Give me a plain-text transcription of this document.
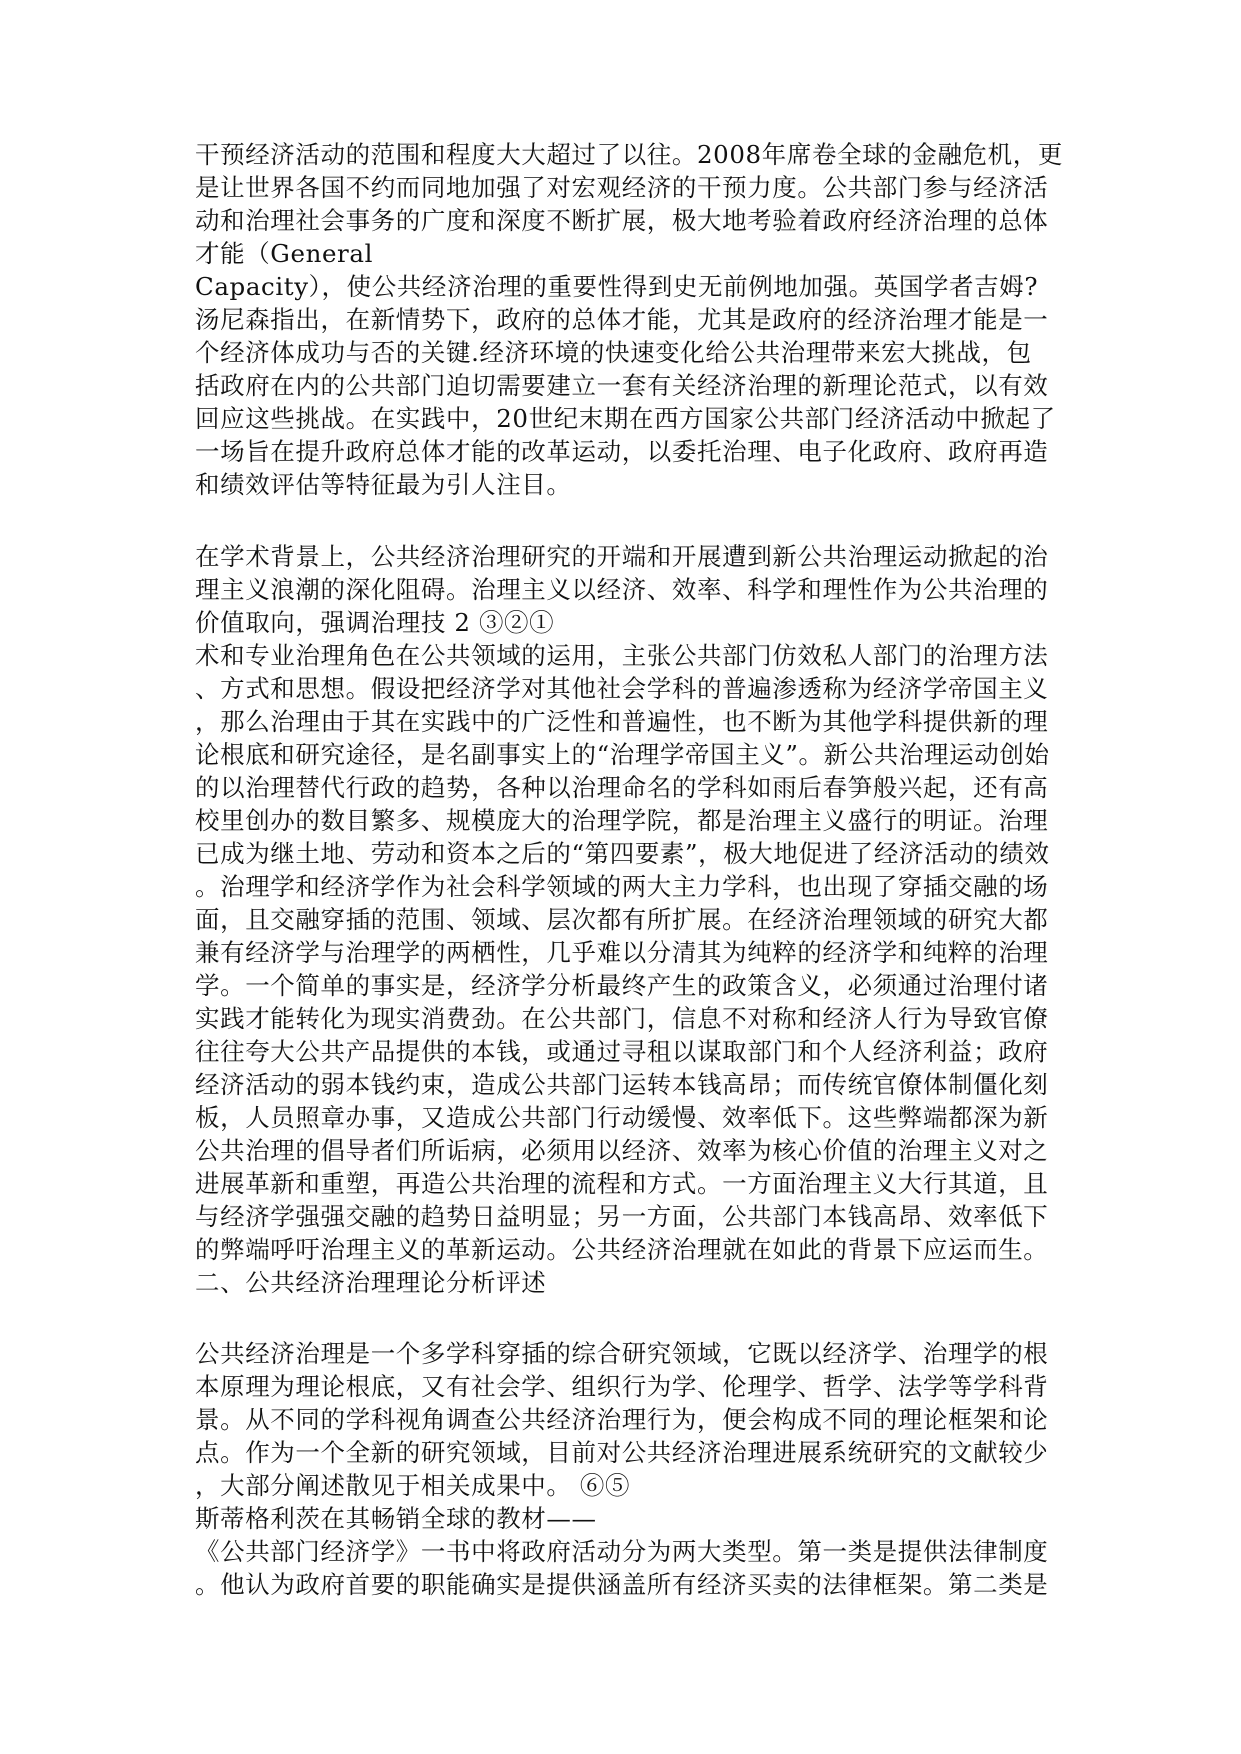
干预经济活动的范围和程度大大超过了以往。2008年席卷全球的金融危机，更
是让世界各国不约而同地加强了对宏观经济的干预力度。公共部门参与经济活
动和治理社会事务的广度和深度不断扩展，极大地考验着政府经济治理的总体
才能（General
Capacity），使公共经济治理的重要性得到史无前例地加强。英国学者吉姆?
汤尼森指出，在新情势下，政府的总体才能，尤其是政府的经济治理才能是一
个经济体成功与否的关键.经济环境的快速变化给公共治理带来宏大挑战，包
括政府在内的公共部门迫切需要建立一套有关经济治理的新理论范式，以有效
回应这些挑战。在实践中，20世纪末期在西方国家公共部门经济活动中掀起了
一场旨在提升政府总体才能的改革运动，以委托治理、电子化政府、政府再造
和绩效评估等特征最为引人注目。
在学术背景上，公共经济治理研究的开端和开展遭到新公共治理运动掀起的治
理主义浪潮的深化阻碍。治理主义以经济、效率、科学和理性作为公共治理的
价值取向，强调治理技 2 ③②①
术和专业治理角色在公共领域的运用，主张公共部门仿效私人部门的治理方法
、方式和思想。假设把经济学对其他社会学科的普遍渗透称为经济学帝国主义
，那么治理由于其在实践中的广泛性和普遍性，也不断为其他学科提供新的理
论根底和研究途径，是名副事实上的“治理学帝国主义”。新公共治理运动创始
的以治理替代行政的趋势，各种以治理命名的学科如雨后春笋般兴起，还有高
校里创办的数目繁多、规模庞大的治理学院，都是治理主义盛行的明证。治理
已成为继土地、劳动和资本之后的“第四要素”，极大地促进了经济活动的绩效
。治理学和经济学作为社会科学领域的两大主力学科，也出现了穿插交融的场
面，且交融穿插的范围、领域、层次都有所扩展。在经济治理领域的研究大都
兼有经济学与治理学的两栖性，几乎难以分清其为纯粹的经济学和纯粹的治理
学。一个简单的事实是，经济学分析最终产生的政策含义，必须通过治理付诸
实践才能转化为现实消费劲。在公共部门，信息不对称和经济人行为导致官僚
往往夸大公共产品提供的本钱，或通过寻租以谋取部门和个人经济利益；政府
经济活动的弱本钱约束，造成公共部门运转本钱高昂；而传统官僚体制僵化刻
板，人员照章办事，又造成公共部门行动缓慢、效率低下。这些弊端都深为新
公共治理的倡导者们所诟病，必须用以经济、效率为核心价值的治理主义对之
进展革新和重塑，再造公共治理的流程和方式。一方面治理主义大行其道，且
与经济学强强交融的趋势日益明显；另一方面，公共部门本钱高昂、效率低下
的弊端呼吁治理主义的革新运动。公共经济治理就在如此的背景下应运而生。
二、公共经济治理理论分析评述
公共经济治理是一个多学科穿插的综合研究领域，它既以经济学、治理学的根
本原理为理论根底，又有社会学、组织行为学、伦理学、哲学、法学等学科背
景。从不同的学科视角调查公共经济治理行为，便会构成不同的理论框架和论
点。作为一个全新的研究领域，目前对公共经济治理进展系统研究的文献较少
，大部分阐述散见于相关成果中。 ⑥⑤
斯蒂格利茨在其畅销全球的教材——
《公共部门经济学》一书中将政府活动分为两大类型。第一类是提供法律制度
。他认为政府首要的职能确实是提供涵盖所有经济买卖的法律框架。第二类是
